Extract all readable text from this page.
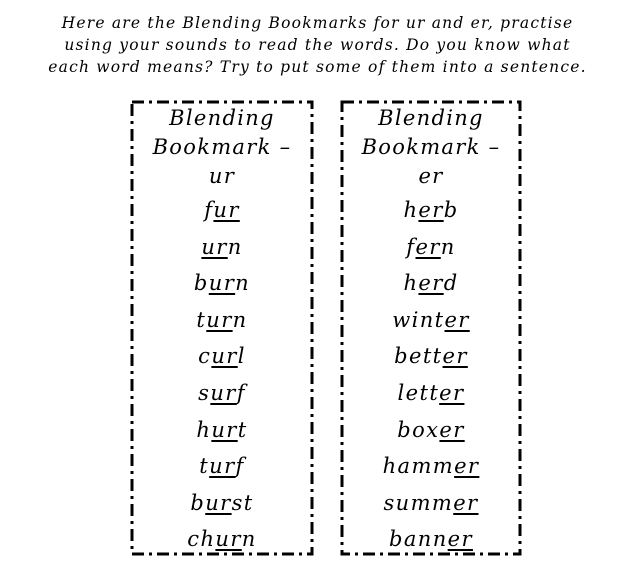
Here are the Blending Bookmarks for ur and er, practise
using your sounds to read the words. Do you know what
each word means? Try to put some of them into a sentence.
Blending
Bookmark –
ur
fur
urn
burn
turn
curl
surf
hurt
turf
burst
churn
Blending
Bookmark –
er
herb
fern
herd
winter
better
letter
boxer
hammer
summer
banner
